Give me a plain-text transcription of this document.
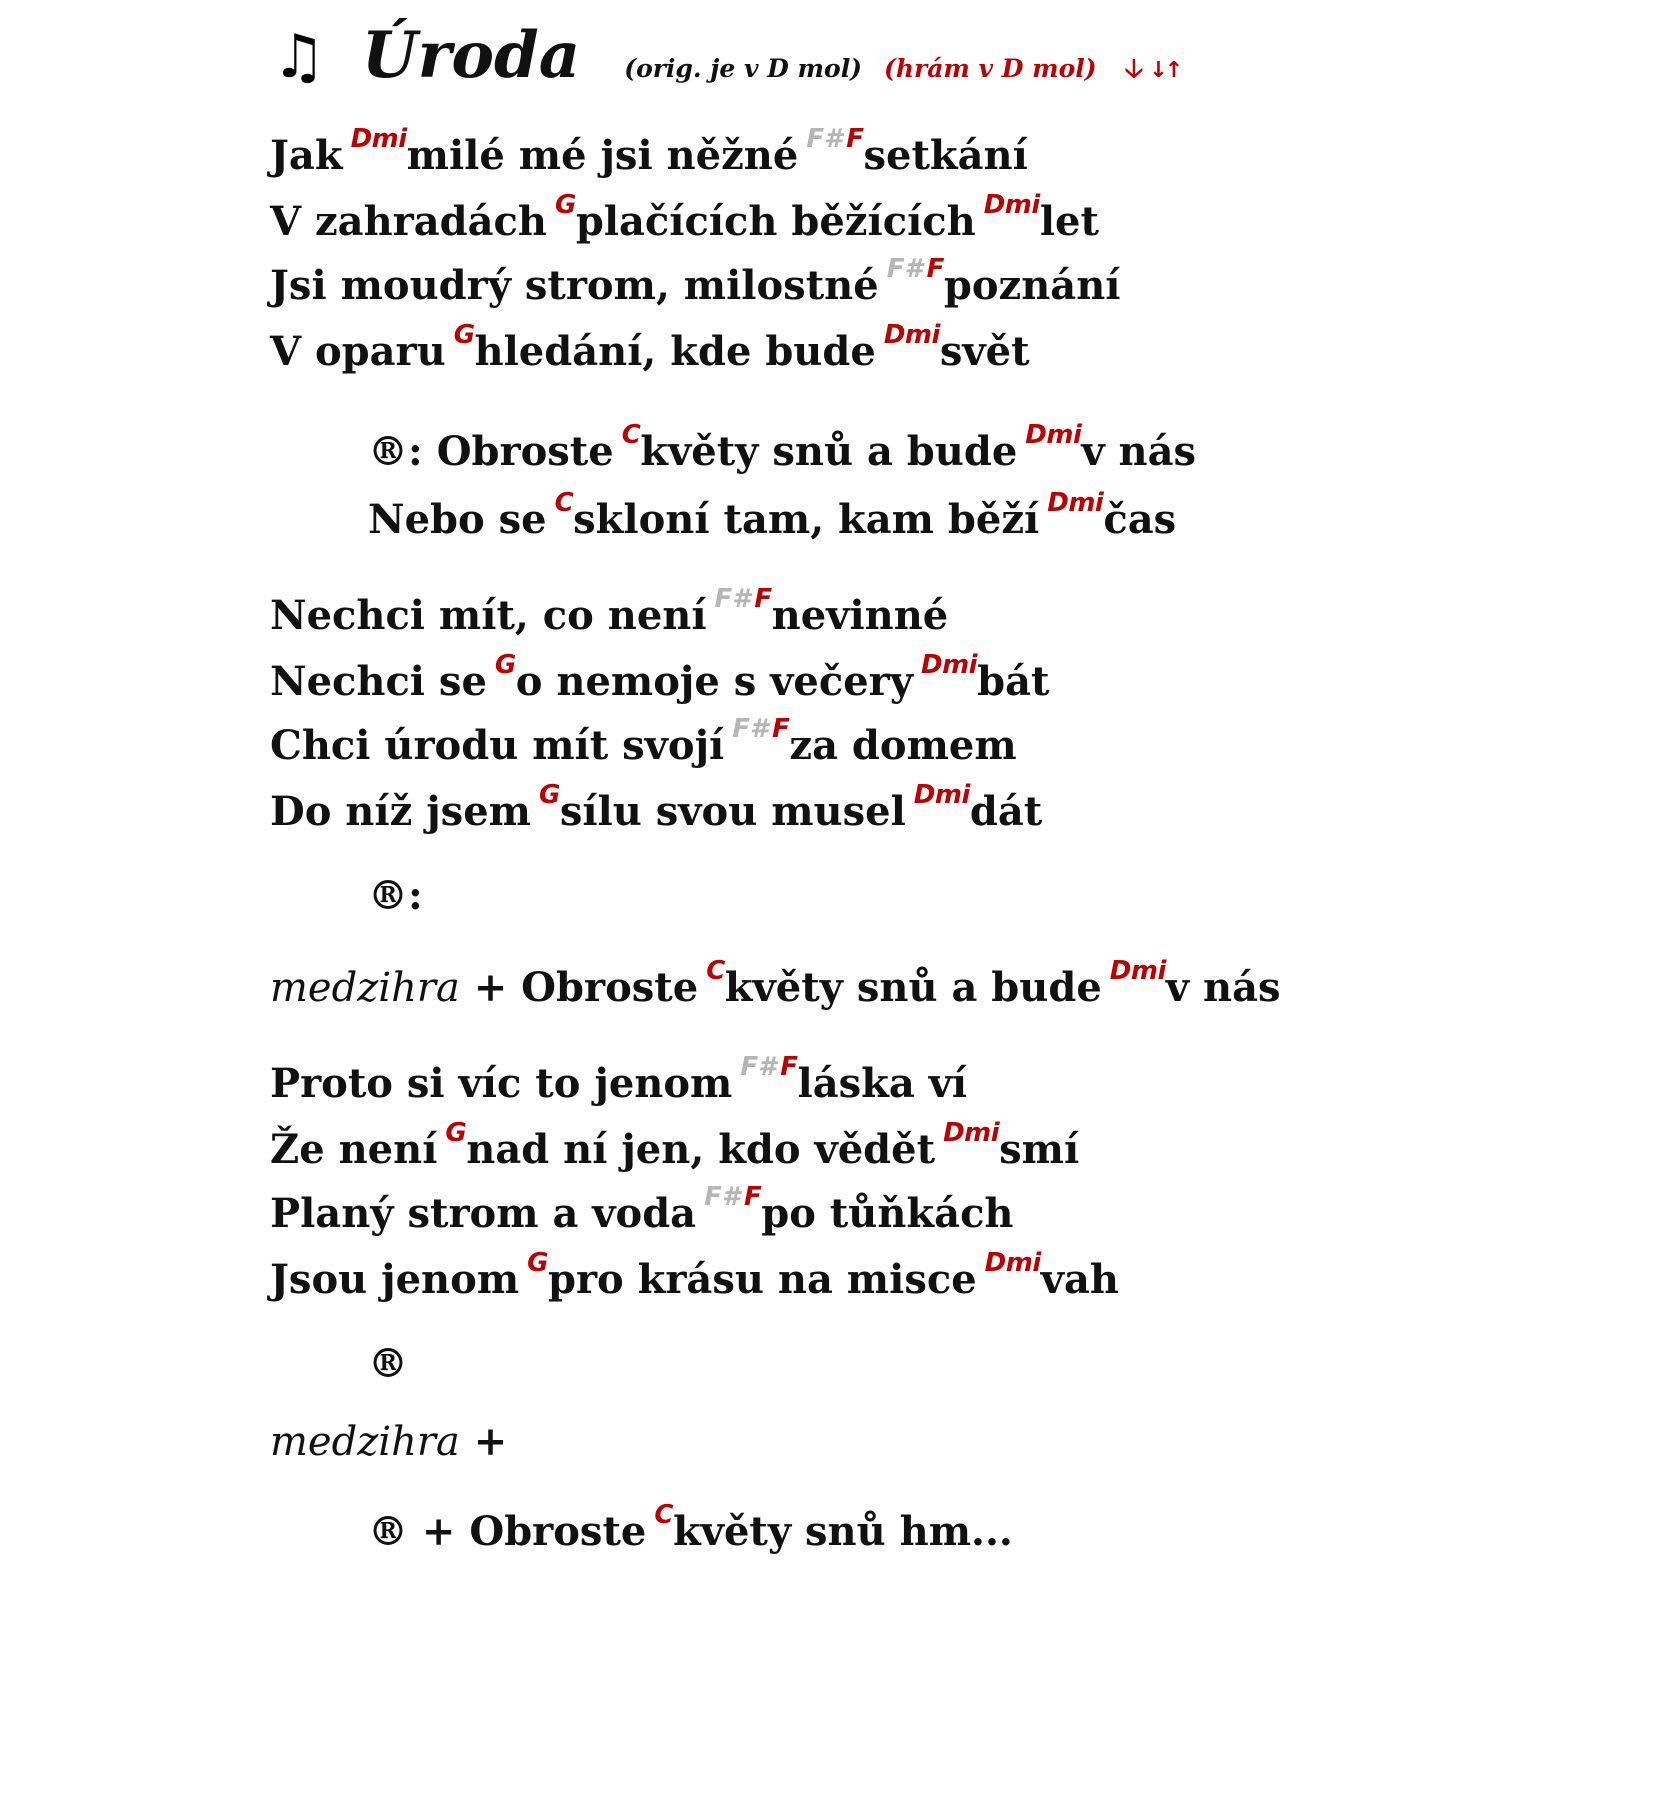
♫ Úroda (orig. je v D mol) (hrám v D mol) 🡣 ↓↑
Jak $^{Dmi}$milé mé jsi něžné $^{F\#}$ $^F$setkání
V zahradách $^G$plačících běžících $^{Dmi}$let
Jsi moudrý strom, milostné $^{F\#}$ $^F$poznání
V oparu $^G$hledání, kde bude $^{Dmi}$svět
®: Obroste $^C$květy snů a bude $^{Dmi}$v nás
Nebo se $^C$skloní tam, kam běží $^{Dmi}$čas
Nechci mít, co není $^{F\#}$ $^F$nevinné
Nechci se $^G$o nemoje s večery $^{Dmi}$bát
Chci úrodu mít svojí $^{F\#}$ $^F$za domem
Do níž jsem $^G$sílu svou musel $^{Dmi}$dát
®:
medzihra + Obroste $^C$květy snů a bude $^{Dmi}$v nás
Proto si víc to jenom $^{F\#}$ $^F$láska ví
Že není $^G$nad ní jen, kdo vědět $^{Dmi}$smí
Planý strom a voda $^{F\#}$ $^F$po tůňkách
Jsou jenom $^G$pro krásu na misce $^{Dmi}$vah
®
medzihra +
® + Obroste $^C$květy snů hm...
